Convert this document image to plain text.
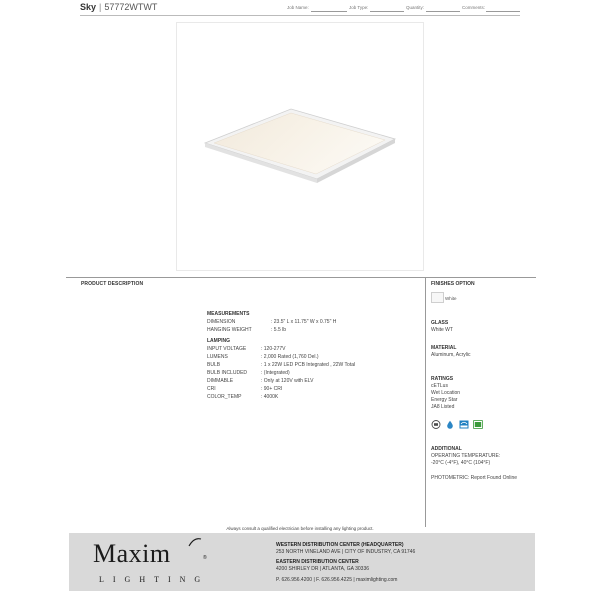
Sky | 57772WTWT	Job Name:	Job Type:	Quantity:	Comments:
PRODUCT DESCRIPTION
MEASUREMENTS
DIMENSION	: 23.5" L x 11.75" W x 0.75" H
HANGING WEIGHT	: 5.5 lb
LAMPING
INPUT VOLTAGE	: 120-277V
LUMENS	: 2,000 Rated (1,760 Del.)
BULB	: 1 x 22W LED PCB Integrated , 22W Total
BULB INCLUDED	: (Integrated)
DIMMABLE	: Only at 120V with ELV
CRI	: 90+ CRI
COLOR_TEMP	: 4000K
FINISHES OPTION
White
GLASS
White WT
MATERIAL
Aluminum, Acrylic
RATINGS
cETLus
Wet Location
Energy Star
JA8 Listed
ADDITIONAL
OPERATING TEMPERATURE:
-20°C (-4°F), 40°C (104°F)
PHOTOMETRIC: Report Found Online
Always consult a qualified electrician before installing any lighting product.
Maxim	®
LIGHTING
WESTERN DISTRIBUTION CENTER (HEADQUARTER)
253 NORTH VINELAND AVE | CITY OF INDUSTRY, CA 91746
EASTERN DISTRIBUTION CENTER
4200 SHIRLEY DR | ATLANTA, GA 30336
P. 626.956.4200 | F. 626.956.4225 | maximlighting.com
